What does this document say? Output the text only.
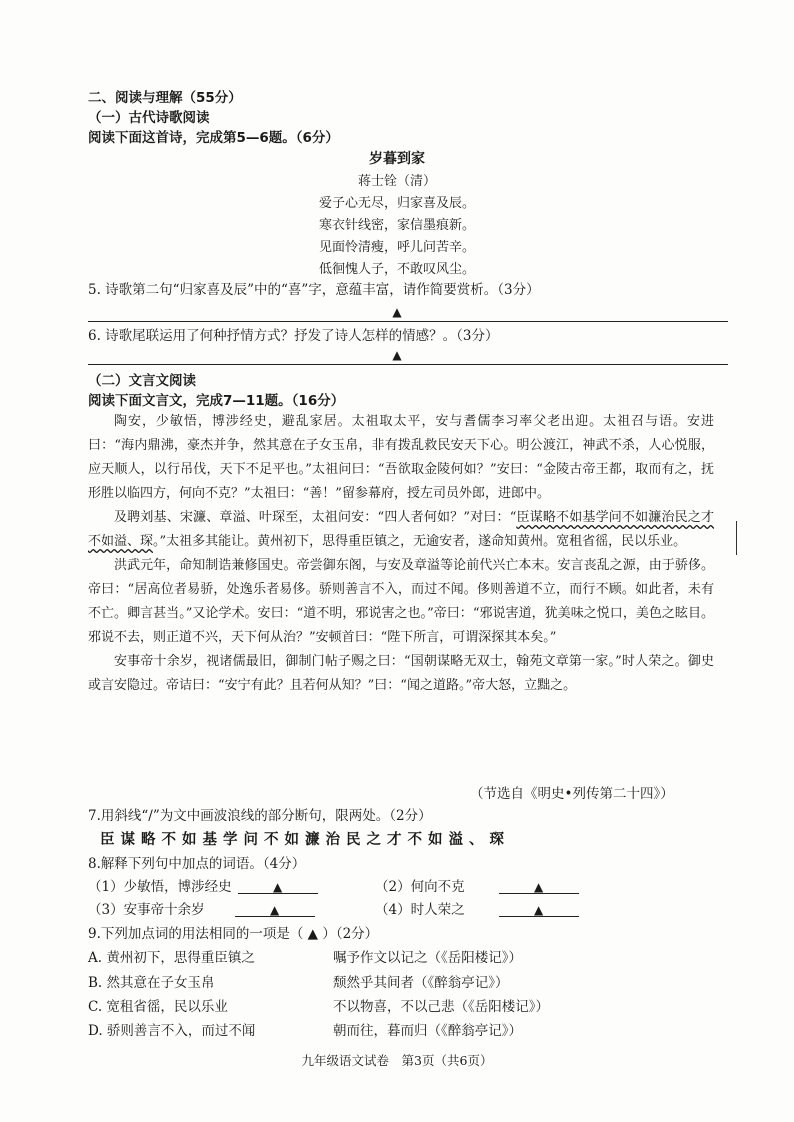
二、阅读与理解（55分）
（一）古代诗歌阅读
阅读下面这首诗，完成第5—6题。（6分）
岁暮到家
蒋士铨（清）
爱子心无尽，归家喜及辰。
寒衣针线密，家信墨痕新。
见面怜清瘦，呼儿问苦辛。
低徊愧人子，不敢叹风尘。
5. 诗歌第二句“归家喜及辰”中的“喜”字，意蕴丰富，请作简要赏析。（3分）
▲
6. 诗歌尾联运用了何种抒情方式？抒发了诗人怎样的情感？。（3分）
▲
（二）文言文阅读
阅读下面文言文，完成7—11题。（16分）

陶安，少敏悟，博涉经史，避乱家居。太祖取太平，安与耆儒李习率父老出迎。太祖召与语。安进曰：“海内鼎沸，豪杰并争，然其意在子女玉帛，非有拨乱救民安天下心。明公渡江，神武不杀，人心悦服，应天顺人，以行吊伐，天下不足平也。”太祖问曰：“吾欲取金陵何如？”安曰：“金陵古帝王都，取而有之，抚形胜以临四方，何向不克？”太祖曰：“善！”留参幕府，授左司员外郎，进郎中。

及聘刘基、宋濂、章溢、叶琛至，太祖问安：“四人者何如？”对曰：“臣谋略不如基学问不如濂治民之才不如溢、琛。”太祖多其能让。黄州初下，思得重臣镇之，无逾安者，遂命知黄州。宽租省徭，民以乐业。

洪武元年，命知制诰兼修国史。帝尝御东阁，与安及章溢等论前代兴亡本末。安言丧乱之源，由于骄侈。帝曰：“居高位者易骄，处逸乐者易侈。骄则善言不入，而过不闻。侈则善道不立，而行不顾。如此者，未有不亡。卿言甚当。”又论学术。安曰：“道不明，邪说害之也。”帝曰：“邪说害道，犹美味之悦口，美色之眩目。邪说不去，则正道不兴，天下何从治？”安顿首曰：“陛下所言，可谓深探其本矣。”

安事帝十余岁，视诸儒最旧，御制门帖子赐之曰：“国朝谋略无双士，翰苑文章第一家。”时人荣之。御史或言安隐过。帝诘曰：“安宁有此？且若何从知？”曰：“闻之道路。”帝大怒，立黜之。

（节选自《明史•列传第二十四》）
7.用斜线“/”为文中画波浪线的部分断句，限两处。（2分）
臣谋略不如基学问不如濂治民之才不如溢、琛
8.解释下列句中加点的词语。（4分）
（1）少敏悟，博涉经史	▲	（2）何向不克	▲
（3）安事帝十余岁	▲	（4）时人荣之	▲
9.下列加点词的用法相同的一项是（ ▲ ）（2分）
A. 黄州初下，思得重臣镇之	嘱予作文以记之（《岳阳楼记》）
B. 然其意在子女玉帛	颓然乎其间者（《醉翁亭记》）
C. 宽租省徭，民以乐业	不以物喜，不以己悲（《岳阳楼记》）
D. 骄则善言不入，而过不闻	朝而往，暮而归（《醉翁亭记》）
九年级语文试卷　第3页（共6页）
